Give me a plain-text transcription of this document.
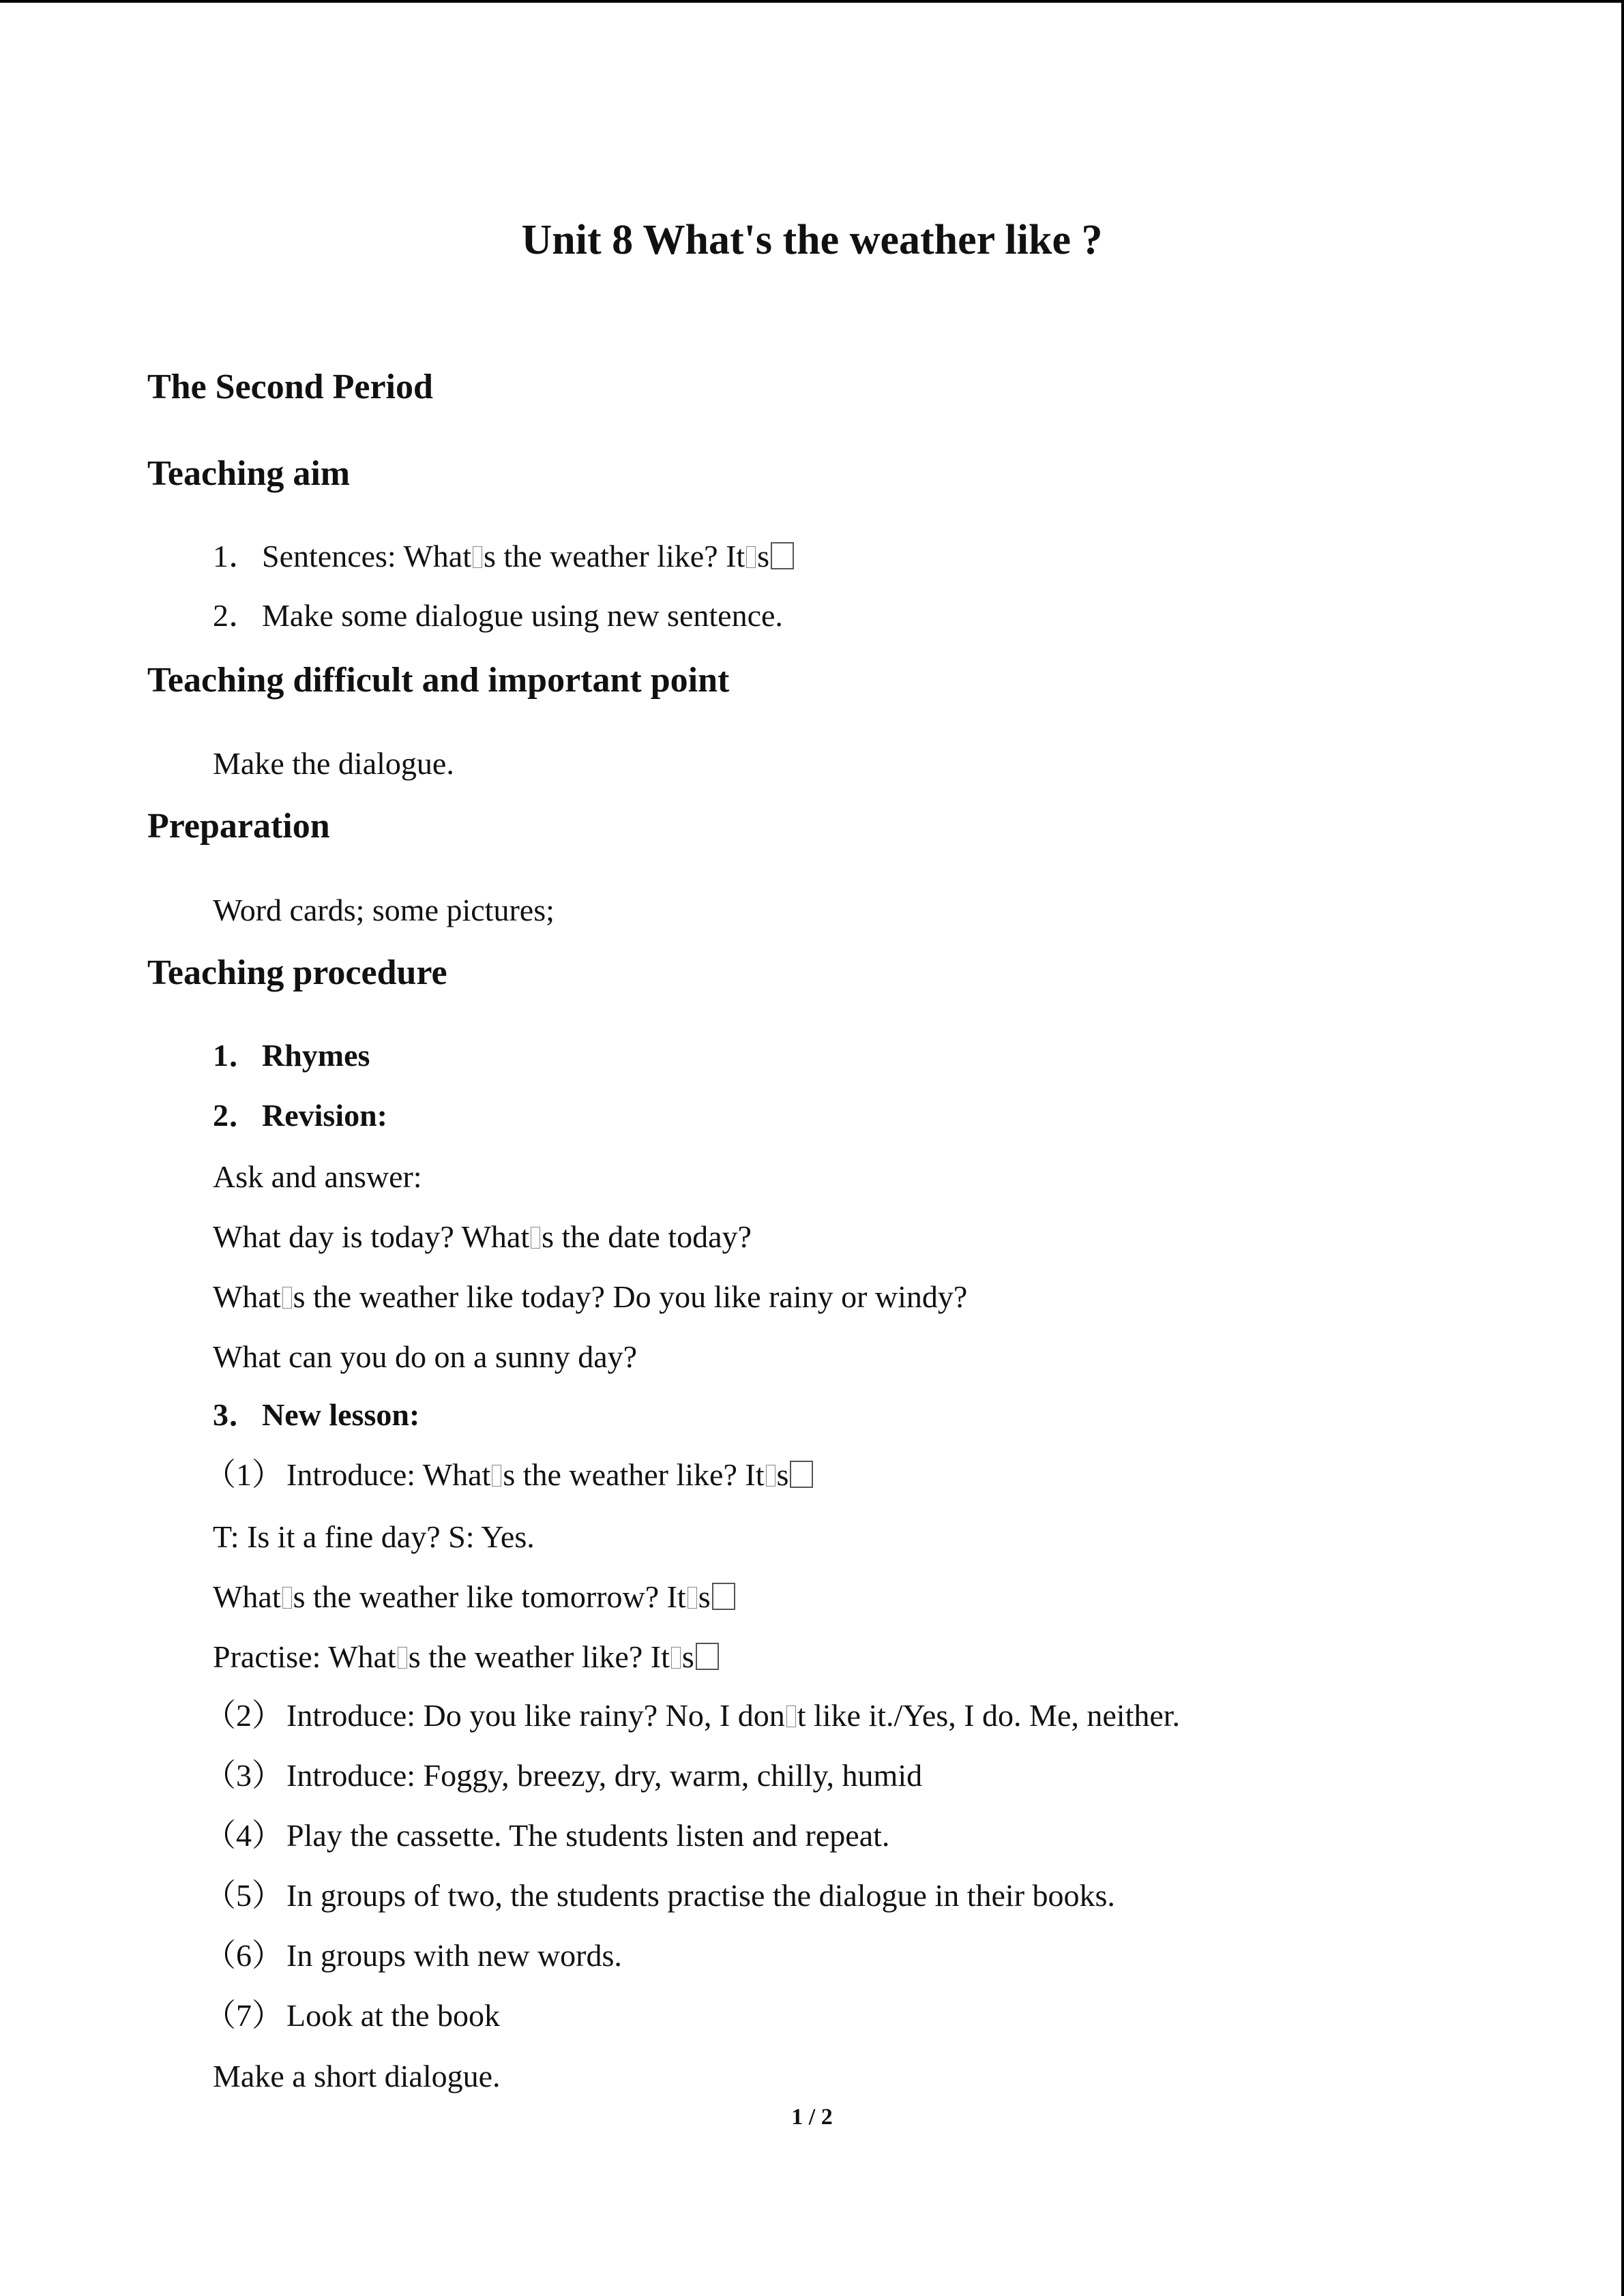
Unit 8 What's the weather like ?
The Second Period
Teaching aim

1．Sentences: What s the weather like? It s

2．Make some dialogue using new sentence.

Teaching difficult and important point

Make the dialogue.

Preparation

Word cards; some pictures;

Teaching procedure

1．Rhymes

2．Revision:

Ask and answer:

What day is today? What s the date today?

What s the weather like today? Do you like rainy or windy?

What can you do on a sunny day?

3．New lesson:

（1） Introduce: What s the weather like? It s

T: Is it a fine day? S: Yes.

What s the weather like tomorrow? It s

Practise: What s the weather like? It s

（2） Introduce: Do you like rainy? No, I don t like it./Yes, I do. Me, neither.

（3） Introduce: Foggy, breezy, dry, warm, chilly, humid

（4） Play the cassette. The students listen and repeat.

（5） In groups of two, the students practise the dialogue in their books.

（6） In groups with new words.

（7） Look at the book

Make a short dialogue.

1 / 2
